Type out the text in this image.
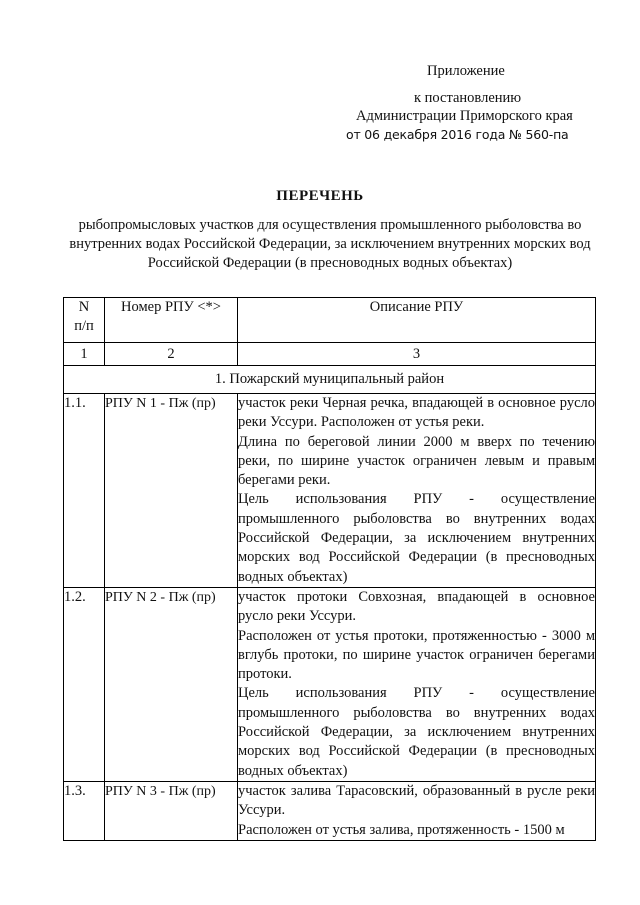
Приложение
к постановлению
Администрации Приморского края
от 06 декабря 2016 года № 560-па
ПЕРЕЧЕНЬ
рыбопромысловых участков для осуществления промышленного рыболовства во внутренних водах Российской Федерации, за исключением внутренних морских вод Российской Федерации (в пресноводных водных объектах)
N
п/п	Номер РПУ <*>	Описание РПУ
1	2	3
1. Пожарский муниципальный район		
1.1.	РПУ N 1 - Пж (пр)	участок реки Черная речка, впадающей в основное русло реки Уссури. Расположен от устья реки.
Длина по береговой линии 2000 м вверх по течению реки, по ширине участок ограничен левым и правым берегами реки.
Цель использования РПУ - осуществление промышленного рыболовства во внутренних водах Российской Федерации, за исключением внутренних морских вод Российской Федерации (в пресноводных водных объектах)

1.2.	РПУ N 2 - Пж (пр)	участок протоки Совхозная, впадающей в основное русло реки Уссури.
Расположен от устья протоки, протяженностью - 3000 м вглубь протоки, по ширине участок ограничен берегами протоки.
Цель использования РПУ - осуществление промышленного рыболовства во внутренних водах Российской Федерации, за исключением внутренних морских вод Российской Федерации (в пресноводных водных объектах)

1.3.	РПУ N 3 - Пж (пр)	участок залива Тарасовский, образованный в русле реки Уссури.
Расположен от устья залива, протяженность - 1500 м
